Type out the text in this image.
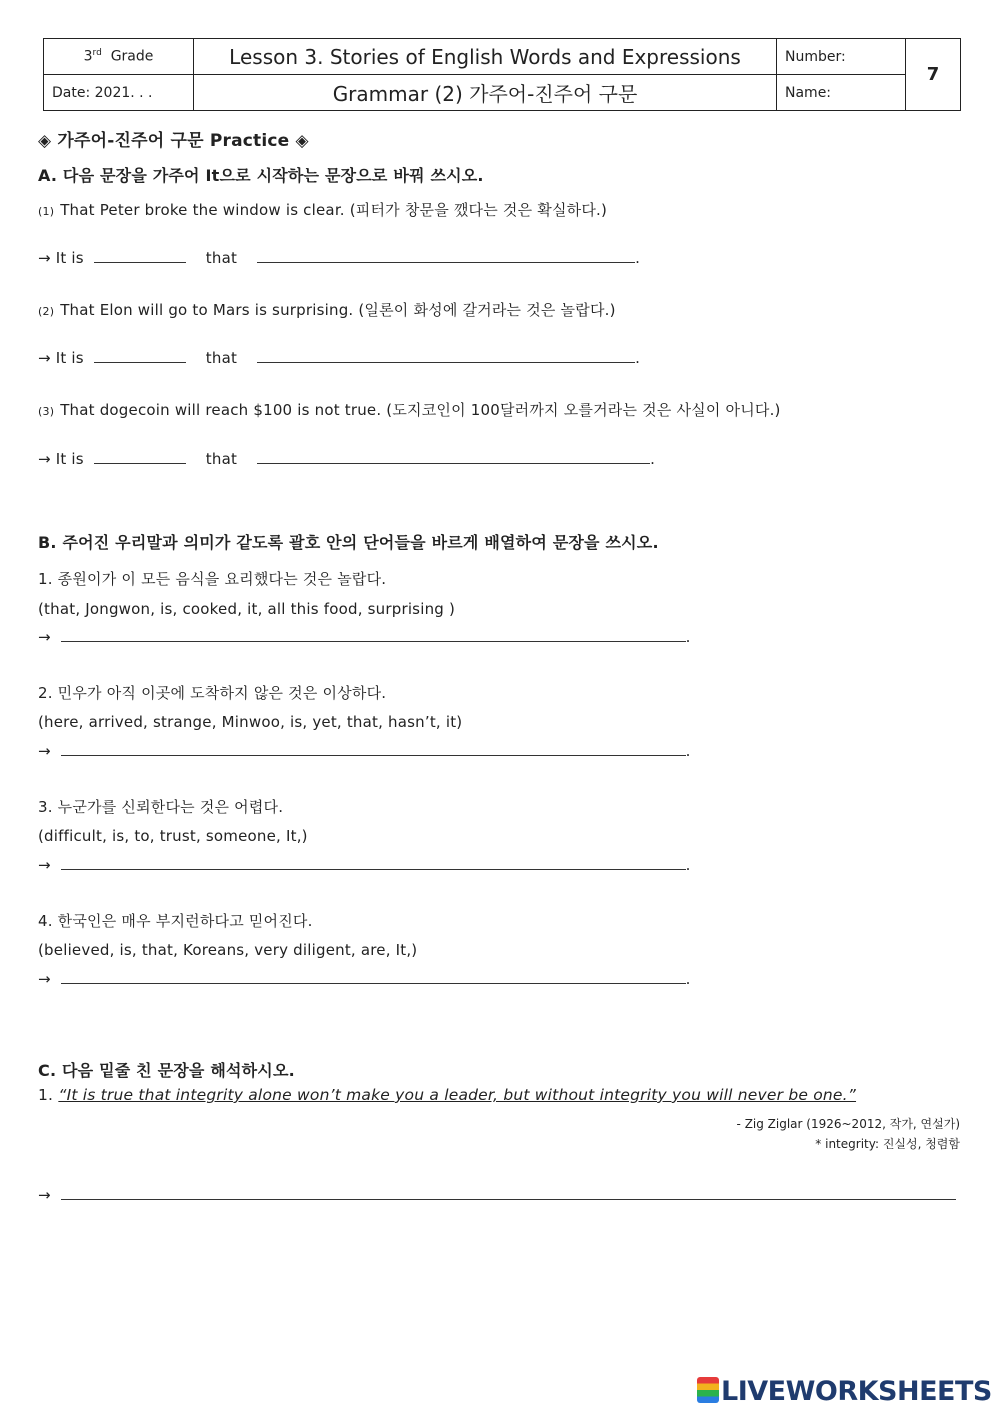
3rd Grade	Lesson 3. Stories of English Words and Expressions	Number:	7
Date: 2021. . .	Grammar (2) 가주어-진주어 구문	Name:	
◈ 가주어-진주어 구문 Practice ◈
A. 다음 문장을 가주어 It으로 시작하는 문장으로 바꿔 쓰시오.
(1) That Peter broke the window is clear. (피터가 창문을 깼다는 것은 확실하다.)
→ It is	that	.
(2) That Elon will go to Mars is surprising. (일론이 화성에 갈거라는 것은 놀랍다.)
→ It is	that	.
(3) That dogecoin will reach $100 is not true. (도지코인이 100달러까지 오를거라는 것은 사실이 아니다.)
→ It is	that	.
B. 주어진 우리말과 의미가 같도록 괄호 안의 단어들을 바르게 배열하여 문장을 쓰시오.
1. 종원이가 이 모든 음식을 요리했다는 것은 놀랍다.
(that, Jongwon, is, cooked, it, all this food, surprising )
→	.
2. 민우가 아직 이곳에 도착하지 않은 것은 이상하다.
(here, arrived, strange, Minwoo, is, yet, that, hasn’t, it)
→	.
3. 누군가를 신뢰한다는 것은 어렵다.
(difficult, is, to, trust, someone, It,)
→	.
4. 한국인은 매우 부지런하다고 믿어진다.
(believed, is, that, Koreans, very diligent, are, It,)
→	.
C. 다음 밑줄 친 문장을 해석하시오.
1. “It is true that integrity alone won’t make you a leader, but without integrity you will never be one.”
- Zig Ziglar (1926~2012, 작가, 연설가)
* integrity: 진실성, 청렴함
→
LIVEWORKSHEETS
